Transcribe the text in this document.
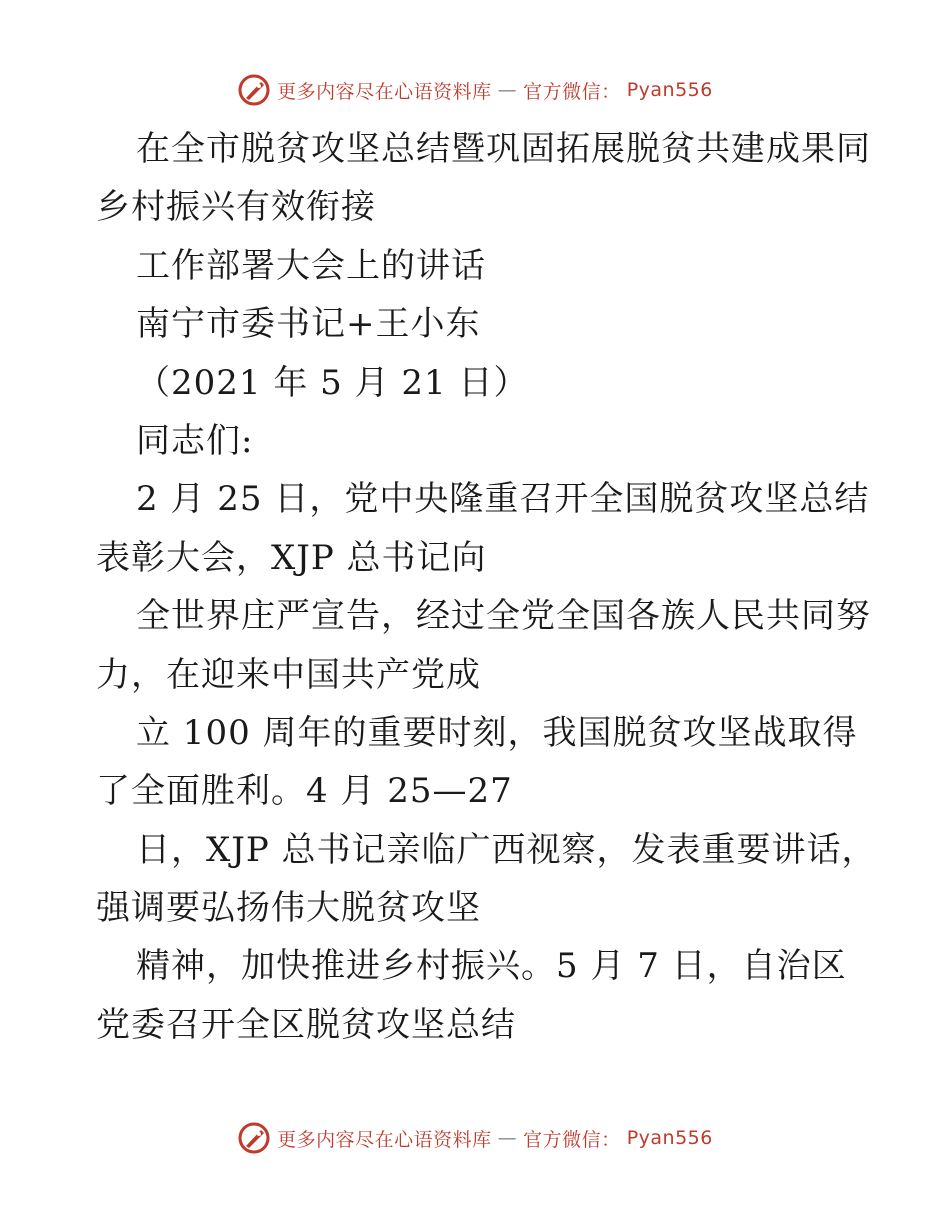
更多内容尽在心语资料库 — 官方微信： Pyan556
在全市脱贫攻坚总结暨巩固拓展脱贫共建成果同
乡村振兴有效衔接
工作部署大会上的讲话
南宁市委书记+王小东
（2021 年 5 月 21 日）
同志们:
2 月 25 日，党中央隆重召开全国脱贫攻坚总结
表彰大会，XJP 总书记向
全世界庄严宣告，经过全党全国各族人民共同努
力，在迎来中国共产党成
立 100 周年的重要时刻，我国脱贫攻坚战取得
了全面胜利。4 月 25—27
日，XJP 总书记亲临广西视察，发表重要讲话，
强调要弘扬伟大脱贫攻坚
精神，加快推进乡村振兴。5 月 7 日，自治区
党委召开全区脱贫攻坚总结
更多内容尽在心语资料库 — 官方微信： Pyan556
